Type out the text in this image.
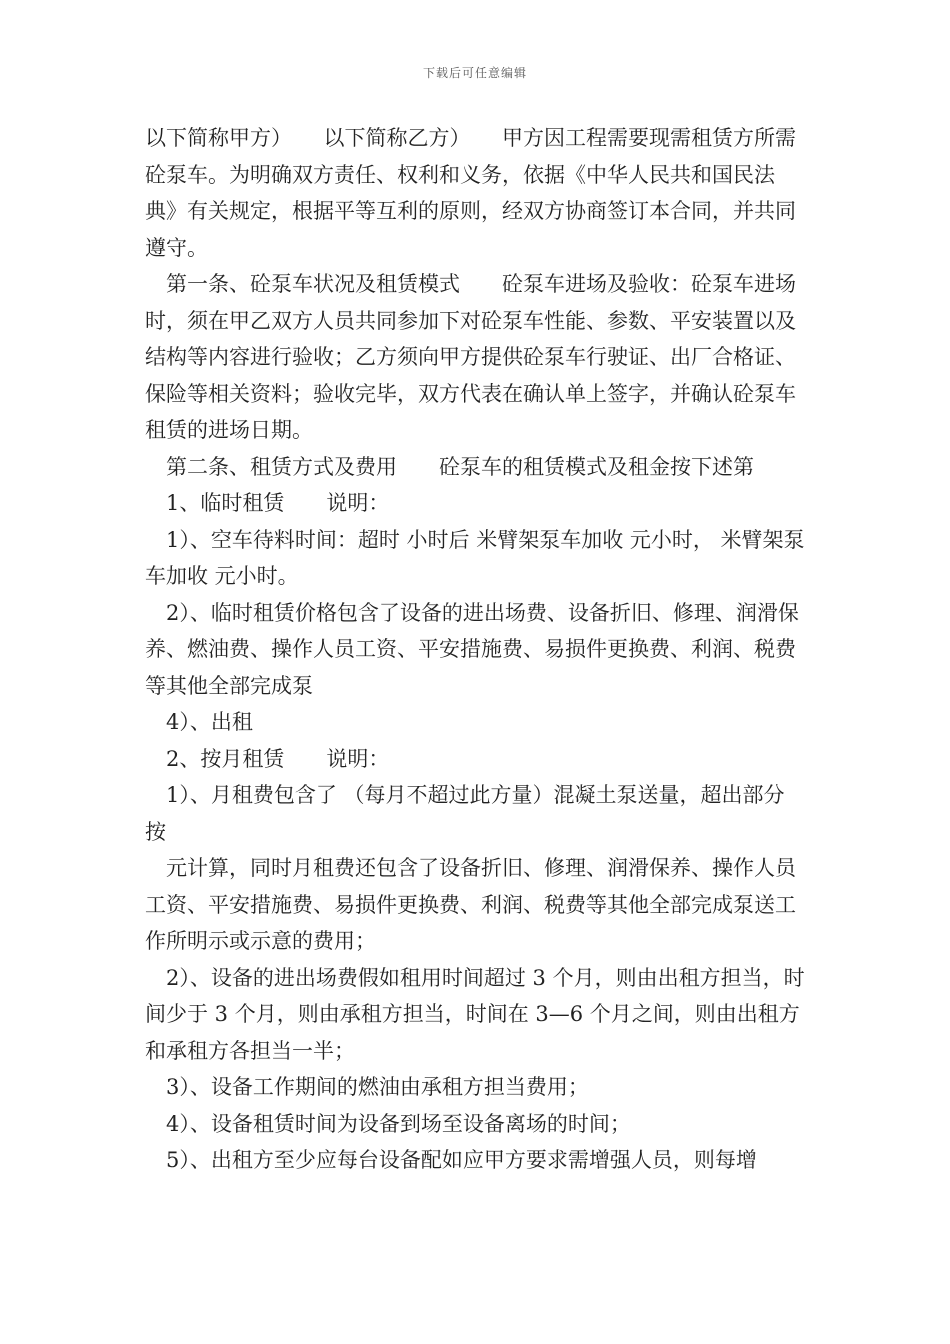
下载后可任意编辑

以下简称甲方）　　以下简称乙方）　　甲方因工程需要现需租赁方所需砼泵车。为明确双方责任、权利和义务，依据《中华人民共和国民法典》有关规定，根据平等互利的原则，经双方协商签订本合同，并共同遵守。

第一条、砼泵车状况及租赁模式　　砼泵车进场及验收：砼泵车进场时，须在甲乙双方人员共同参加下对砼泵车性能、参数、平安装置以及结构等内容进行验收；乙方须向甲方提供砼泵车行驶证、出厂合格证、保险等相关资料；验收完毕，双方代表在确认单上签字，并确认砼泵车租赁的进场日期。

第二条、租赁方式及费用　　砼泵车的租赁模式及租金按下述第

1、临时租赁　　说明：

1）、空车待料时间：超时 小时后 米臂架泵车加收 元小时， 米臂架泵车加收 元小时。

2）、临时租赁价格包含了设备的进出场费、设备折旧、修理、润滑保养、燃油费、操作人员工资、平安措施费、易损件更换费、利润、税费等其他全部完成泵

4）、出租

2、按月租赁　　说明：

1）、月租费包含了 （每月不超过此方量）混凝土泵送量，超出部分按

元计算，同时月租费还包含了设备折旧、修理、润滑保养、操作人员工资、平安措施费、易损件更换费、利润、税费等其他全部完成泵送工作所明示或示意的费用；

2）、设备的进出场费假如租用时间超过 3 个月，则由出租方担当，时间少于 3 个月，则由承租方担当，时间在 3—6 个月之间，则由出租方和承租方各担当一半；

3）、设备工作期间的燃油由承租方担当费用；

4）、设备租赁时间为设备到场至设备离场的时间；

5）、出租方至少应每台设备配如应甲方要求需增强人员，则每增
